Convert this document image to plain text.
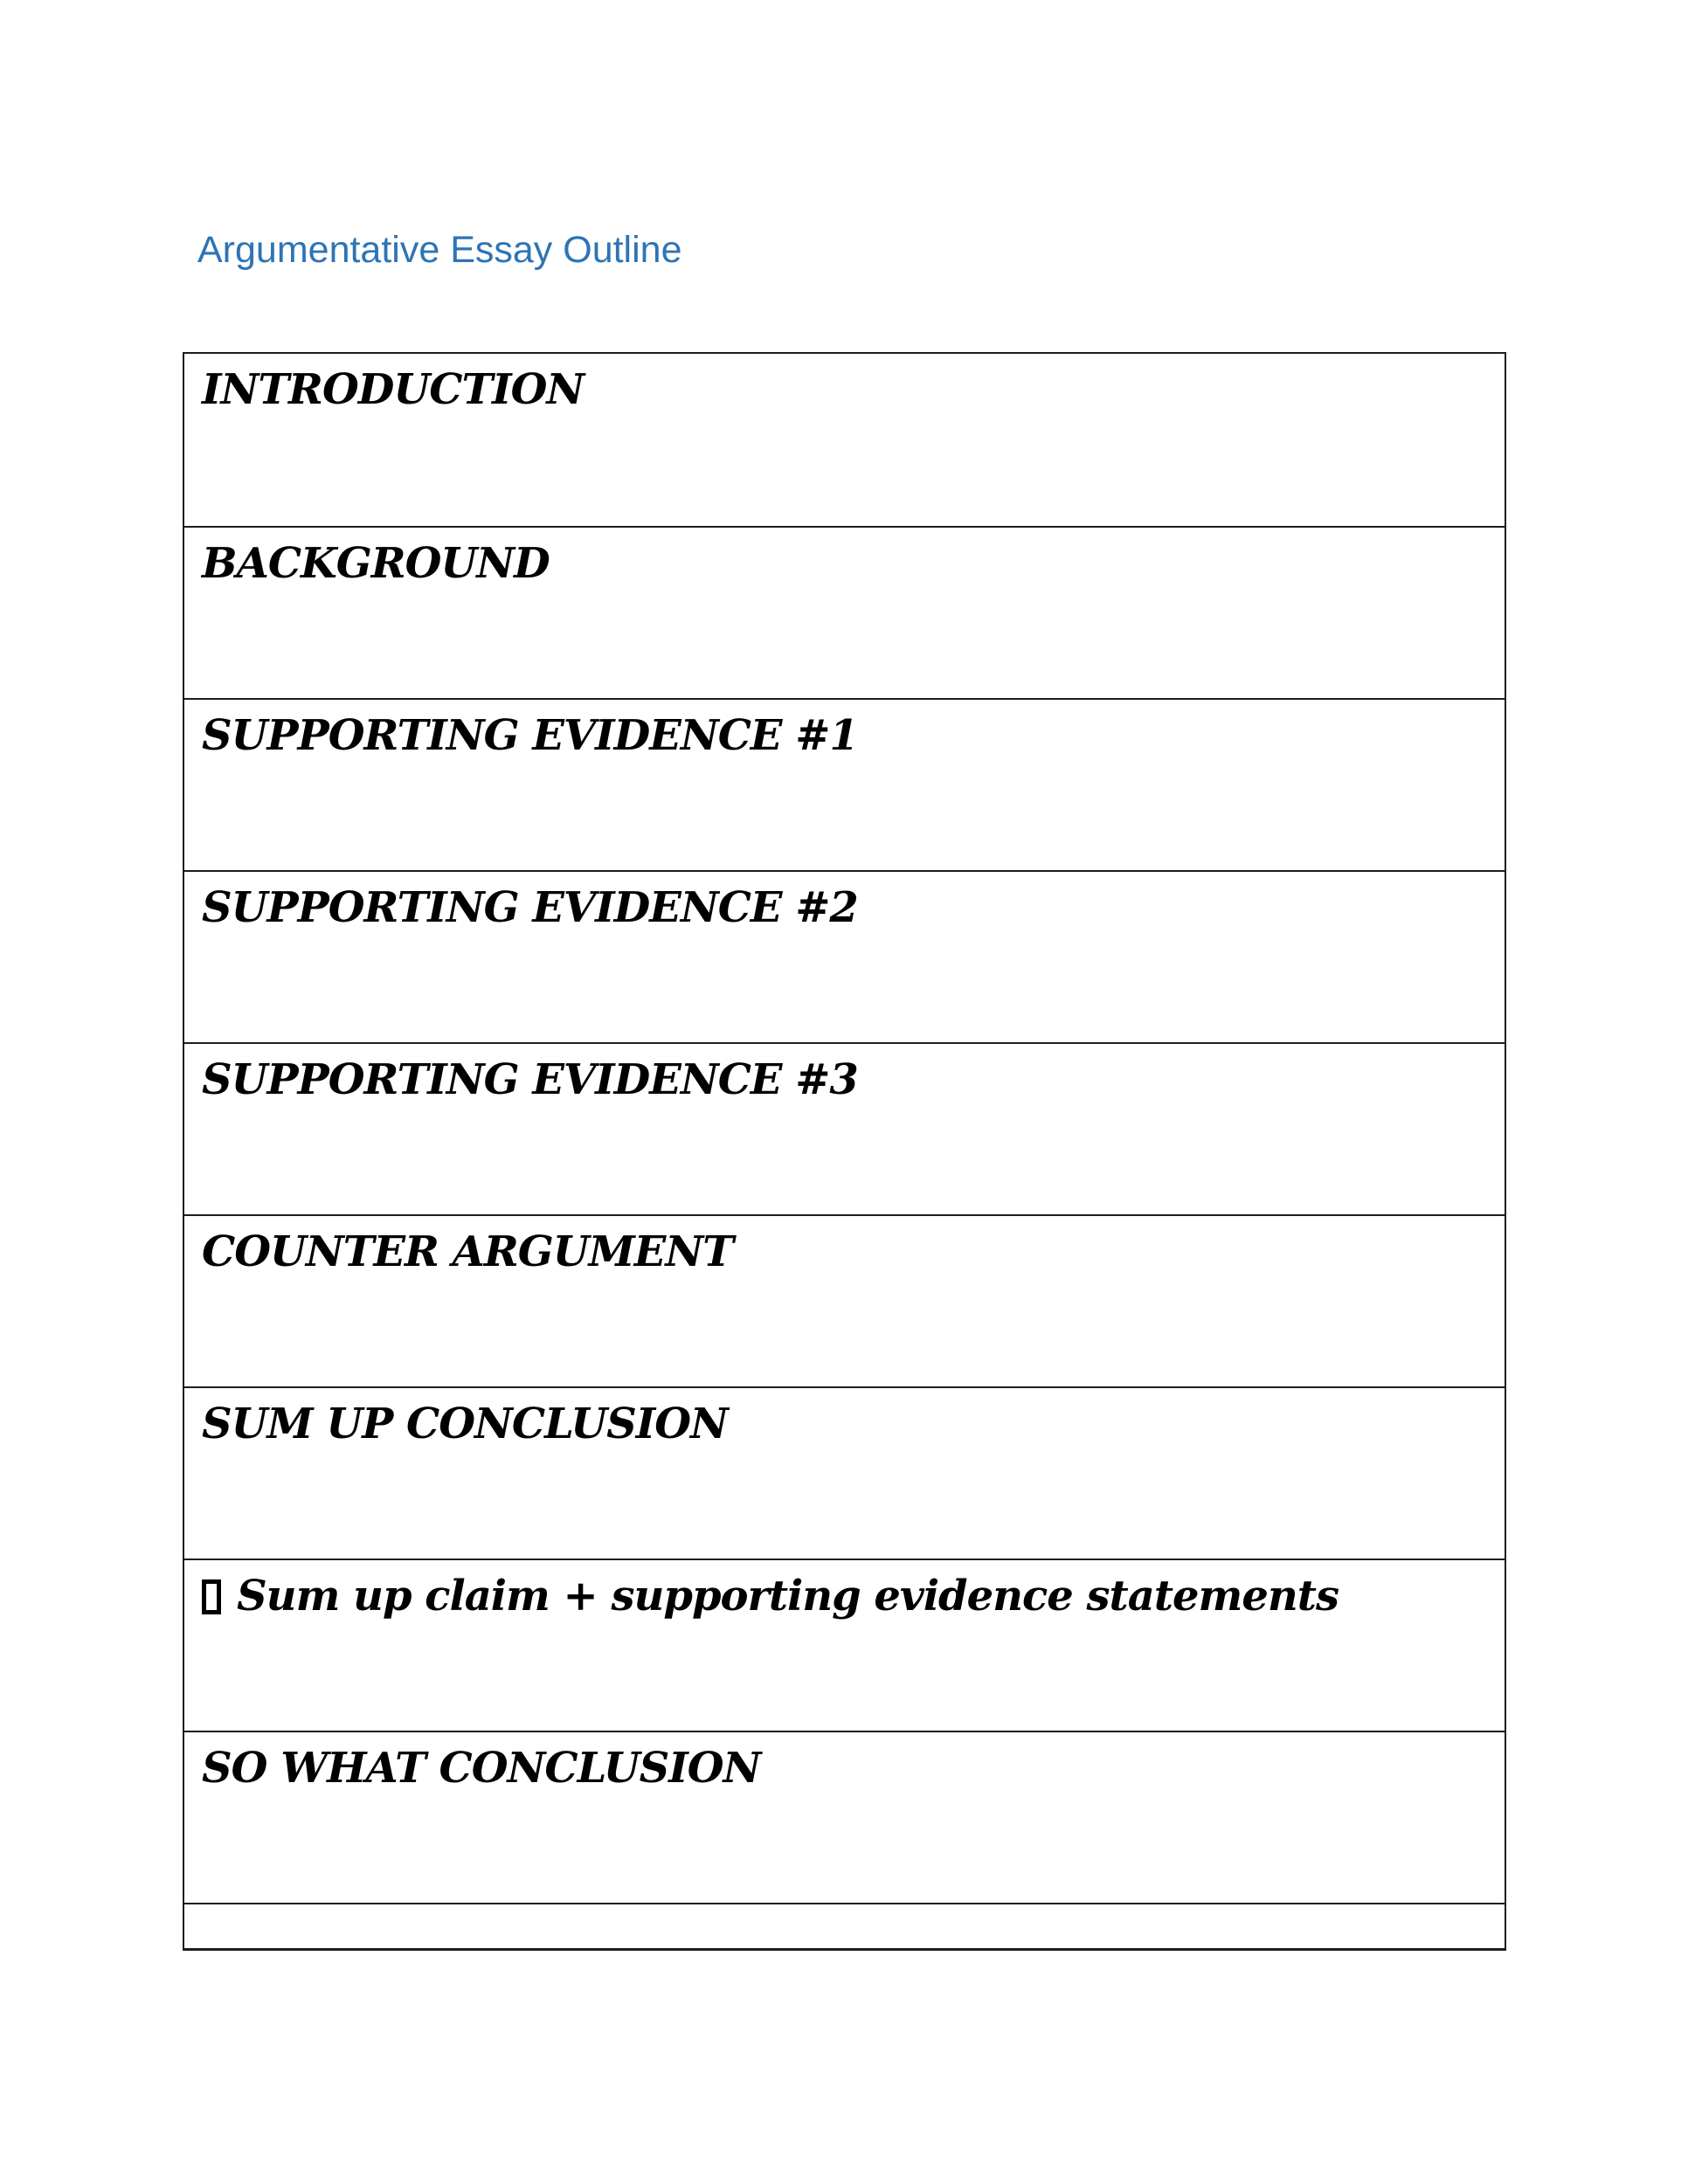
Argumentative Essay Outline
INTRODUCTION
BACKGROUND
SUPPORTING EVIDENCE #1
SUPPORTING EVIDENCE #2
SUPPORTING EVIDENCE #3
COUNTER ARGUMENT
SUM UP CONCLUSION
Sum up claim + supporting evidence statements
SO WHAT CONCLUSION
